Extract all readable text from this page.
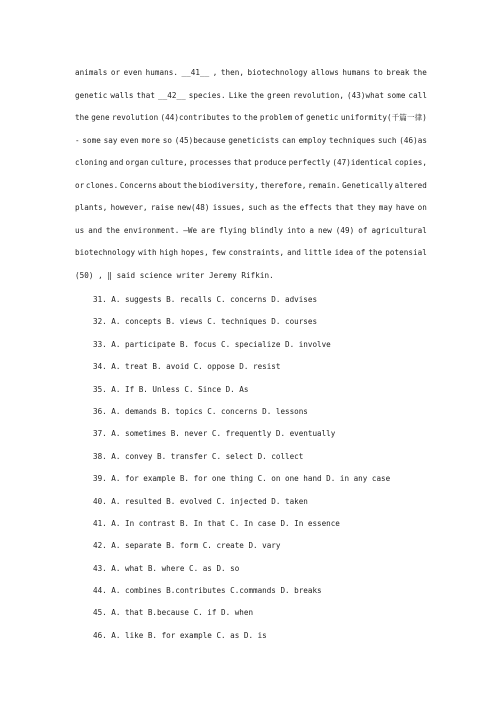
animals or even humans. __41__ , then, biotechnology allows humans to break the
genetic walls that __42__ species. Like the green revolution, (43)what some call
the gene revolution (44)contributes to the problem of genetic uniformity(千篇一律)
- some say even more so (45)because geneticists can employ techniques such (46)as
cloning and organ culture, processes that produce perfectly (47)identical copies,
or clones. Concerns about the biodiversity, therefore, remain. Genetically altered
plants, however, raise new(48) issues, such as the effects that they may have on
us and the environment. —We are flying blindly into a new (49) of agricultural
biotechnology with high hopes, few constraints, and little idea of the potensial
(50) , ‖ said science writer Jeremy Rifkin.
31. A. suggests B. recalls C. concerns D. advises
32. A. concepts B. views C. techniques D. courses
33. A. participate B. focus C. specialize D. involve
34. A. treat B. avoid C. oppose D. resist
35. A. If B. Unless C. Since D. As
36. A. demands B. topics C. concerns D. lessons
37. A. sometimes B. never C. frequently D. eventually
38. A. convey B. transfer C. select D. collect
39. A. for example B. for one thing C. on one hand D. in any case
40. A. resulted B. evolved C. injected D. taken
41. A. In contrast B. In that C. In case D. In essence
42. A. separate B. form C. create D. vary
43. A. what B. where C. as D. so
44. A. combines B.contributes C.commands D. breaks
45. A. that B.because C. if D. when
46. A. like B. for example C. as D. is
